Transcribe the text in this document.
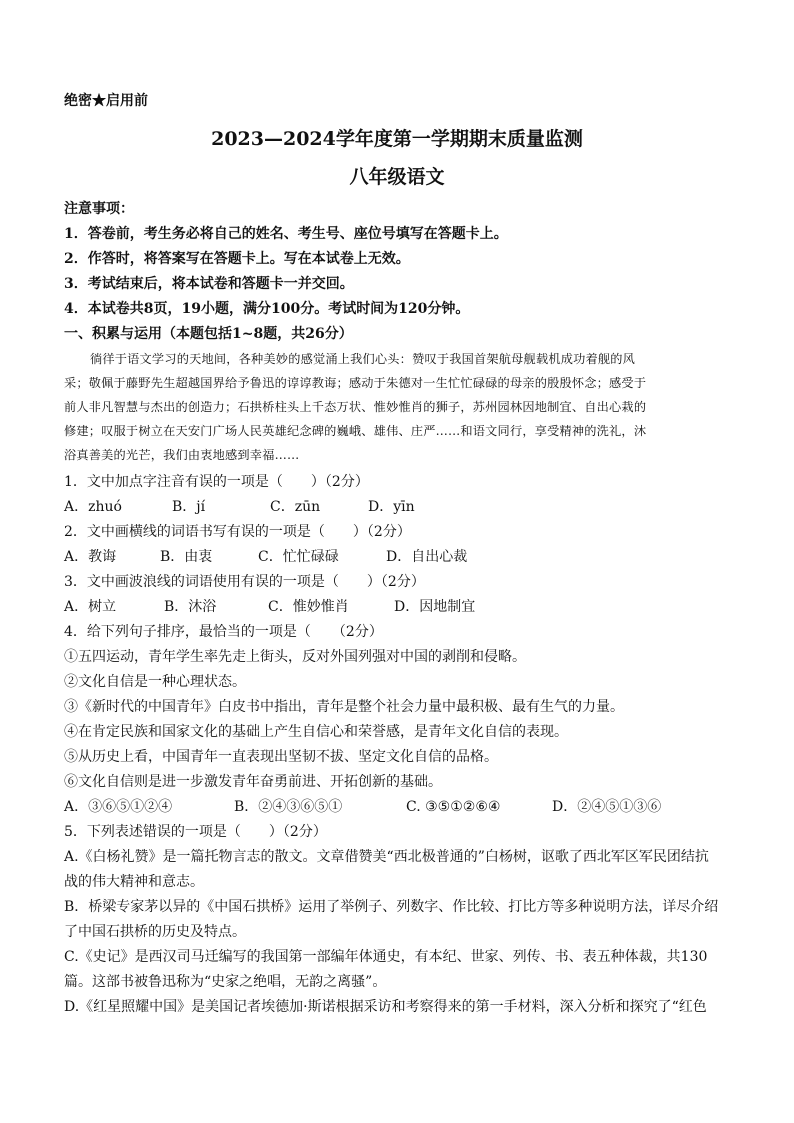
绝密★启用前
2023—2024学年度第一学期期末质量监测
八年级语文
注意事项：
1．答卷前，考生务必将自己的姓名、考生号、座位号填写在答题卡上。
2．作答时，将答案写在答题卡上。写在本试卷上无效。
3．考试结束后，将本试卷和答题卡一并交回。
4．本试卷共8页，19小题，满分100分。考试时间为120分钟。
一、积累与运用（本题包括1~8题，共26分）
徜徉于语文学习的天地间，各种美妙的感觉涌上我们心头：赞叹于我国首架航母舰载机成功着舰的风
采；敬佩于藤野先生超越国界给予鲁迅的谆谆教诲；感动于朱德对一生忙忙碌碌的母亲的殷殷怀念；感受于
前人非凡智慧与杰出的创造力；石拱桥柱头上千态万状、惟妙惟肖的狮子，苏州园林因地制宜、自出心栽的
修建；叹服于树立在天安门广场人民英雄纪念碑的巍峨、雄伟、庄严……和语文同行，享受精神的洗礼，沐
浴真善美的光芒，我们由衷地感到幸福……
1．文中加点字注音有误的一项是（　　）（2分）
A．zhuó	B．jí	C．zūn	D．yīn
2．文中画横线的词语书写有误的一项是（　　）（2分）
A．教诲	B．由衷	C．忙忙碌碌	D．自出心裁
3．文中画波浪线的词语使用有误的一项是（　　）（2分）
A．树立	B．沐浴	C．惟妙惟肖	D．因地制宜
4．给下列句子排序，最恰当的一项是（　　（2分）
①五四运动，青年学生率先走上街头，反对外国列强对中国的剥削和侵略。
②文化自信是一种心理状态。
③《新时代的中国青年》白皮书中指出，青年是整个社会力量中最积极、最有生气的力量。
④在肯定民族和国家文化的基础上产生自信心和荣誉感，是青年文化自信的表现。
⑤从历史上看，中国青年一直表现出坚韧不拔、坚定文化自信的品格。
⑥文化自信则是进一步激发青年奋勇前进、开拓创新的基础。
A．③⑥⑤①②④	B．②④③⑥⑤①	C. ③⑤①②⑥④	D．②④⑤①③⑥
5．下列表述错误的一项是（　　）（2分）
A.《白杨礼赞》是一篇托物言志的散文。文章借赞美“西北极普通的”白杨树，讴歌了西北军区军民团结抗
战的伟大精神和意志。
B．桥梁专家茅以异的《中国石拱桥》运用了举例子、列数字、作比较、打比方等多种说明方法，详尽介绍
了中国石拱桥的历史及特点。
C.《史记》是西汉司马迁编写的我国第一部编年体通史，有本纪、世家、列传、书、表五种体裁，共130
篇。这部书被鲁迅称为“史家之绝唱，无韵之离骚”。
D.《红星照耀中国》是美国记者埃德加·斯诺根据采访和考察得来的第一手材料，深入分析和探究了“红色
